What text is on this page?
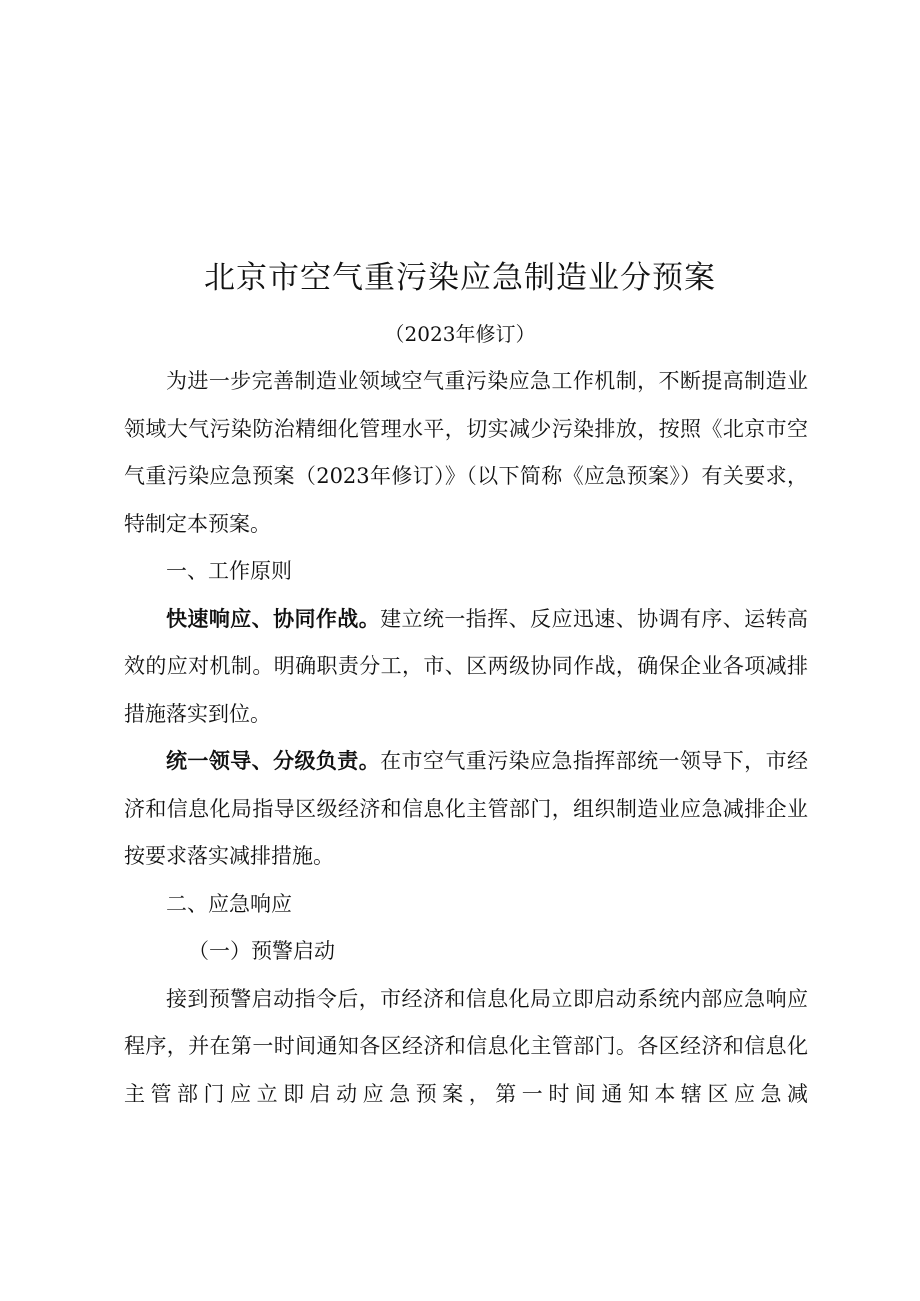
北京市空气重污染应急制造业分预案

（2023年修订）

为进一步完善制造业领域空气重污染应急工作机制，不断提高制造业领域大气污染防治精细化管理水平，切实减少污染排放，按照《北京市空气重污染应急预案（2023年修订）》（以下简称《应急预案》）有关要求，特制定本预案。

一、工作原则

快速响应、协同作战。建立统一指挥、反应迅速、协调有序、运转高效的应对机制。明确职责分工，市、区两级协同作战，确保企业各项减排措施落实到位。

统一领导、分级负责。在市空气重污染应急指挥部统一领导下，市经济和信息化局指导区级经济和信息化主管部门，组织制造业应急减排企业按要求落实减排措施。

二、应急响应

（一）预警启动

接到预警启动指令后，市经济和信息化局立即启动系统内部应急响应程序，并在第一时间通知各区经济和信息化主管部门。各区经济和信息化主管部门应立即启动应急预案，第一时间通知本辖区应急减
